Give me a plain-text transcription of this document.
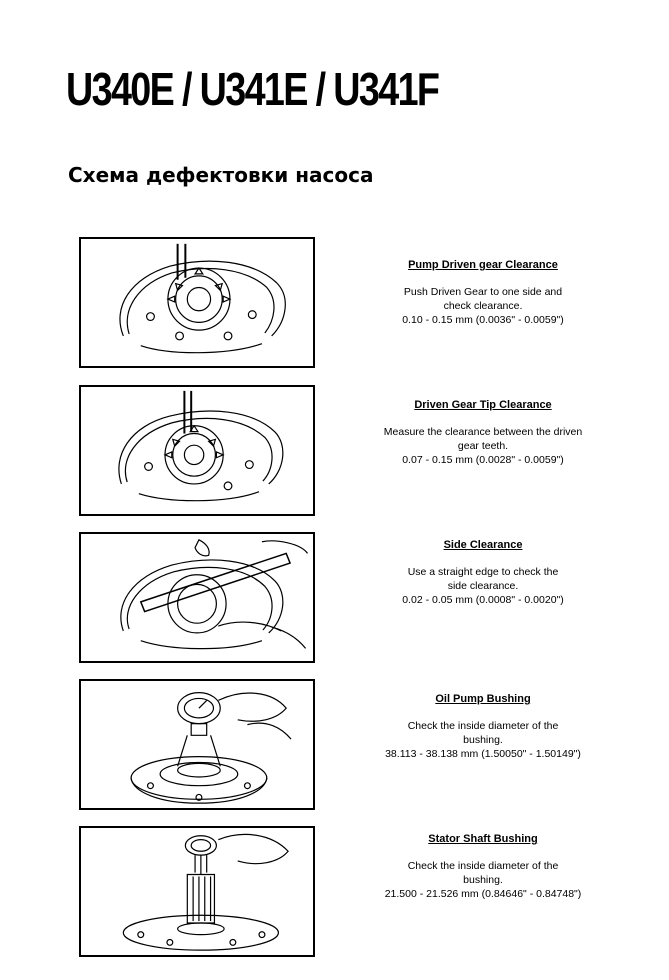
U340E / U341E / U341F
Схема дефектовки насоса
Pump Driven gear Clearance
Push Driven Gear to one side and
check clearance.
0.10 - 0.15 mm (0.0036" - 0.0059")
Driven Gear Tip Clearance
Measure the clearance between the driven
gear teeth.
0.07 - 0.15 mm (0.0028" - 0.0059")
Side Clearance
Use a straight edge to check the
side clearance.
0.02 - 0.05 mm (0.0008" - 0.0020")
Oil Pump Bushing
Check the inside diameter of the
bushing.
38.113 - 38.138 mm (1.50050" - 1.50149")
Stator Shaft Bushing
Check the inside diameter of the
bushing.
21.500 - 21.526 mm (0.84646" - 0.84748")
